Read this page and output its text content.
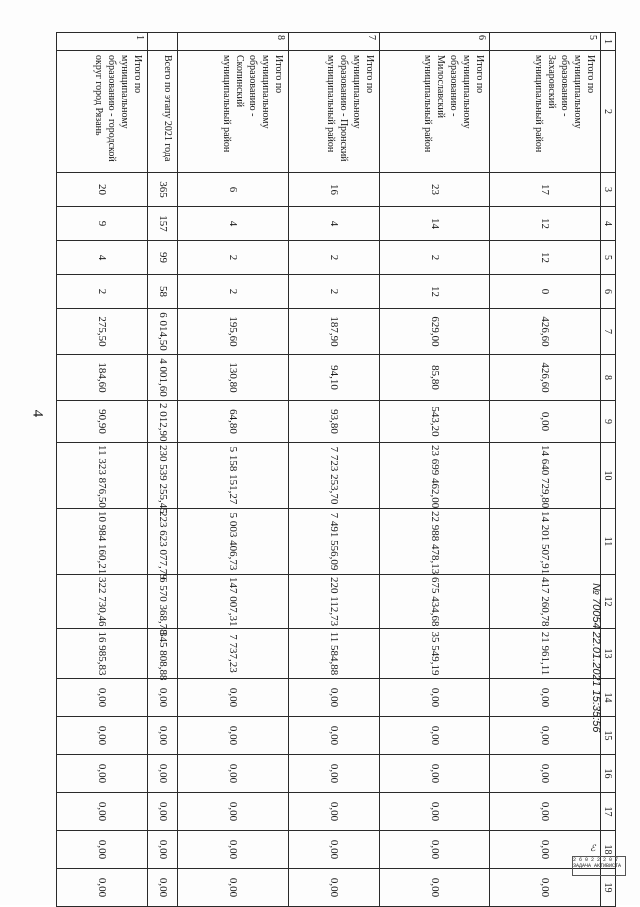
4
1	2	3	4	5	6	7	8	9	10	11	12	13	14	15	16	17	18	19
5	Итого по муниципальному образованию - Захаровский муниципальный район	17	12	12	0	426,60	426,60	0,00	14 640 729,80	14 201 507,91	417 260,78	21 961,11	0,00	0,00	0,00	0,00	0,00	0,00
6	Итого по муниципальному образованию - Милославский муниципальный район	23	14	2	12	629,00	85,80	543,20	23 699 462,00	22 988 478,13	675 434,68	35 549,19	0,00	0,00	0,00	0,00	0,00	0,00
7	Итого по муниципальному образованию - Пронский муниципальный район	16	4	2	2	187,90	94,10	93,80	7 723 253,70	7 491 556,09	220 112,73	11 584,88	0,00	0,00	0,00	0,00	0,00	0,00
8	Итого по муниципальному образованию - Скопинский муниципальный район	6	4	2	2	195,60	130,80	64,80	5 158 151,27	5 003 406,73	147 007,31	7 737,23	0,00	0,00	0,00	0,00	0,00	0,00
	Всего по этапу 2021 года	365	157	99	58	6 014,50	4 001,60	2 012,90	230 539 255,45	223 623 077,79	6 570 368,78	345 808,88	0,00	0,00	0,00	0,00	0,00	0,00
1	Итого по муниципальному образованию - городской округ город Рязань	20	9	4	2	275,50	184,60	90,90	11 323 876,50	10 984 160,21	322 730,46	16 985,83	0,00	0,00	0,00	0,00	0,00	0,00
№ 70054 22.01.2021 15:35:56
ℰ
2 6 0 2 2 2 0 7
ЗАДАЧА АКТИВИСТА
